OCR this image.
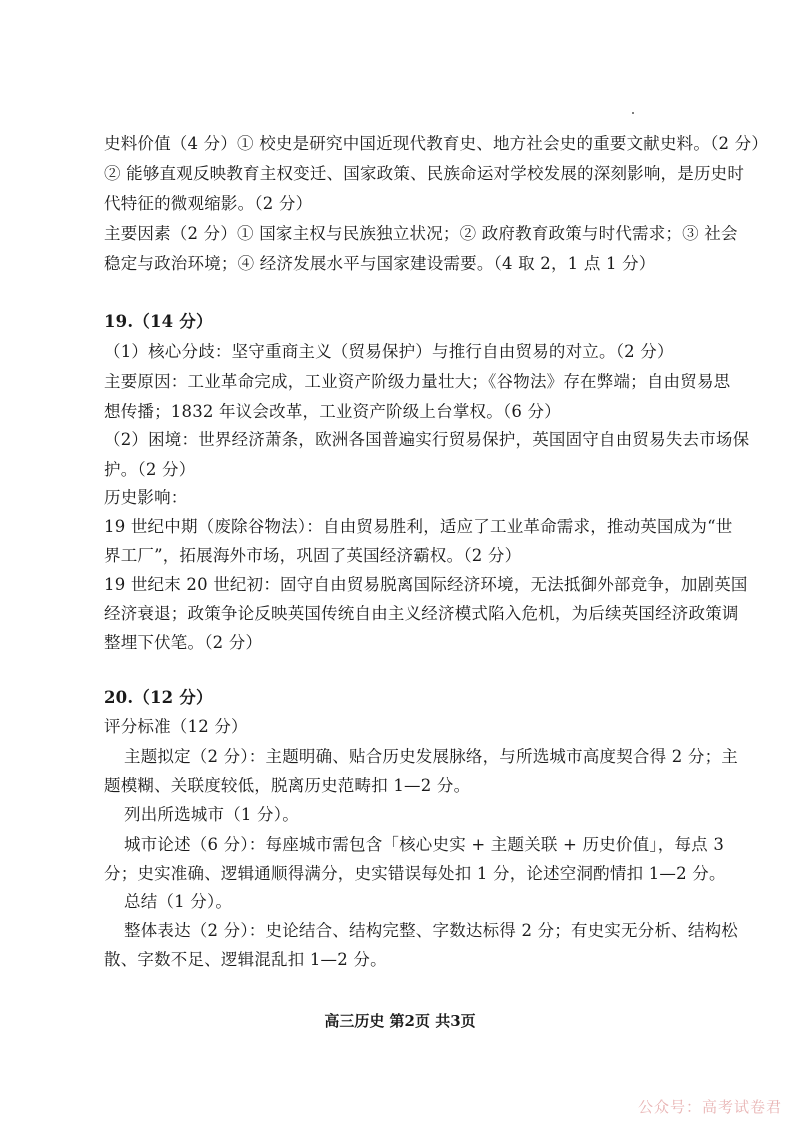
史料价值（4 分）① 校史是研究中国近现代教育史、地方社会史的重要文献史料。（2 分）
② 能够直观反映教育主权变迁、国家政策、民族命运对学校发展的深刻影响，是历史时
代特征的微观缩影。（2 分）
主要因素（2 分）① 国家主权与民族独立状况；② 政府教育政策与时代需求；③ 社会
稳定与政治环境；④ 经济发展水平与国家建设需要。（4 取 2，1 点 1 分）
19.（14 分）
（1）核心分歧：坚守重商主义（贸易保护）与推行自由贸易的对立。（2 分）
主要原因：工业革命完成，工业资产阶级力量壮大；《谷物法》存在弊端；自由贸易思
想传播；1832 年议会改革，工业资产阶级上台掌权。（6 分）
（2）困境：世界经济萧条，欧洲各国普遍实行贸易保护，英国固守自由贸易失去市场保
护。（2 分）
历史影响：
19 世纪中期（废除谷物法）：自由贸易胜利，适应了工业革命需求，推动英国成为“世
界工厂”，拓展海外市场，巩固了英国经济霸权。（2 分）
19 世纪末 20 世纪初：固守自由贸易脱离国际经济环境，无法抵御外部竞争，加剧英国
经济衰退；政策争论反映英国传统自由主义经济模式陷入危机，为后续英国经济政策调
整埋下伏笔。（2 分）
20.（12 分）
评分标准（12 分）
主题拟定（2 分）：主题明确、贴合历史发展脉络，与所选城市高度契合得 2 分；主
题模糊、关联度较低，脱离历史范畴扣 1—2 分。
列出所选城市（1 分）。
城市论述（6 分）：每座城市需包含「核心史实 + 主题关联 + 历史价值」，每点 3
分；史实准确、逻辑通顺得满分，史实错误每处扣 1 分，论述空洞酌情扣 1—2 分。
总结（1 分）。
整体表达（2 分）：史论结合、结构完整、字数达标得 2 分；有史实无分析、结构松
散、字数不足、逻辑混乱扣 1—2 分。
高三历史 第2页 共3页
公众号：高考试卷君
